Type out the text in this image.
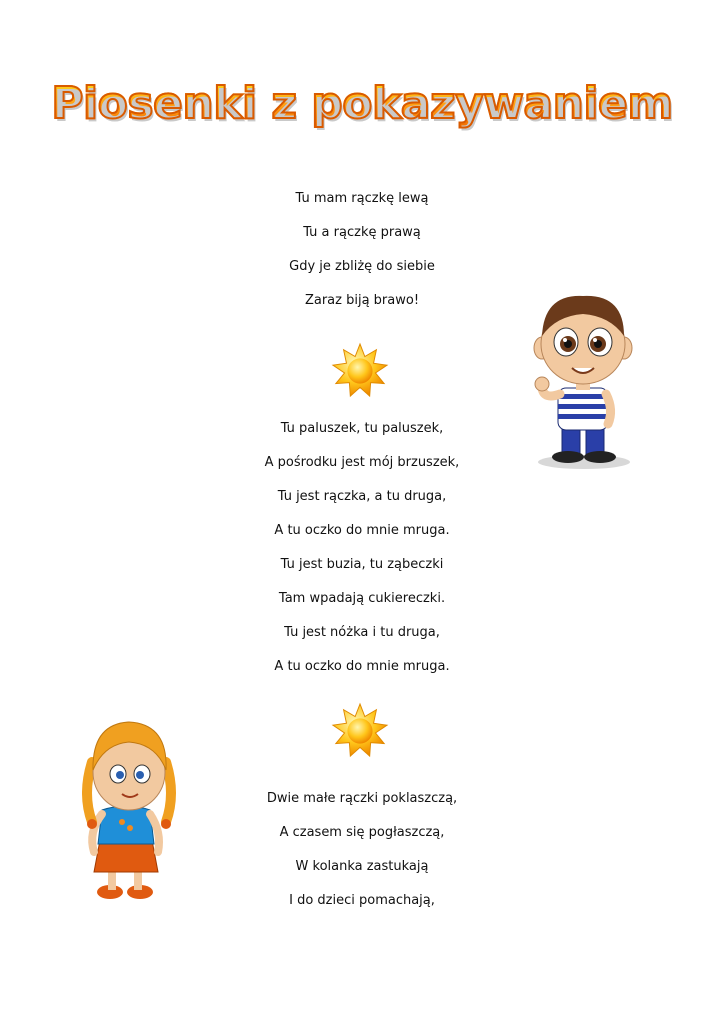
Piosenki z pokazywaniem
Tu mam rączkę lewą
Tu a rączkę prawą
Gdy je zbliżę do siebie
Zaraz biją brawo!
Tu paluszek, tu paluszek,
A pośrodku jest mój brzuszek,
Tu jest rączka, a tu druga,
A tu oczko do mnie mruga.
Tu jest buzia, tu ząbeczki
Tam wpadają cukiereczki.
Tu jest nóżka i tu druga,
A tu oczko do mnie mruga.
Dwie małe rączki poklaszczą,
A czasem się pogłaszczą,
W kolanka zastukają
I do dzieci pomachają,
